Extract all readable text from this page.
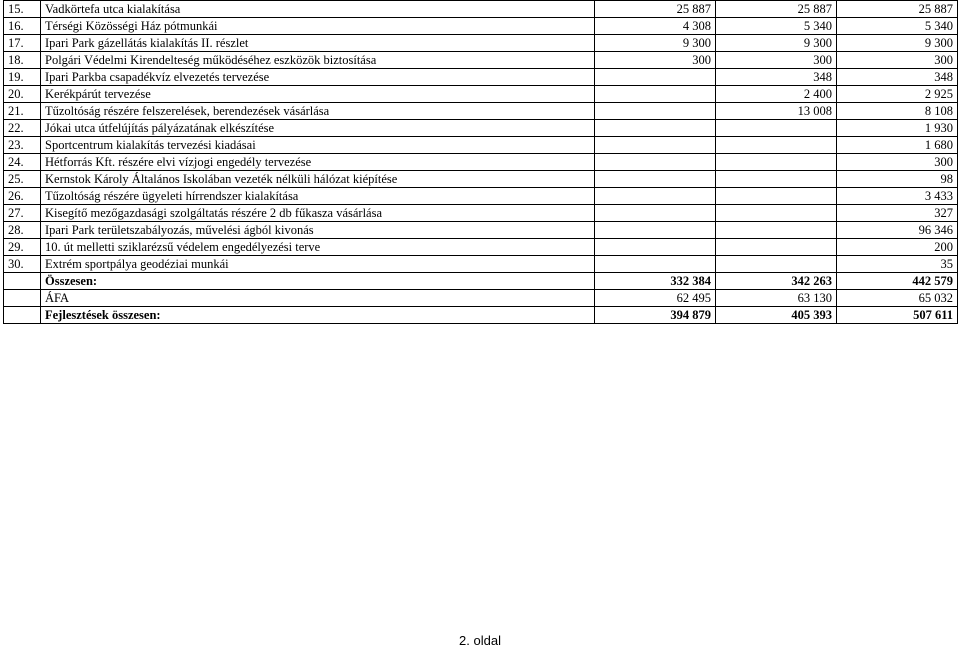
15.	Vadkörtefa utca kialakítása	25 887	25 887	25 887
16.	Térségi Közösségi Ház pótmunkái	4 308	5 340	5 340
17.	Ipari Park gázellátás kialakítás II. részlet	9 300	9 300	9 300
18.	Polgári Védelmi Kirendelteség működéséhez eszközök biztosítása	300	300	300
19.	Ipari Parkba csapadékvíz elvezetés tervezése		348	348
20.	Kerékpárút tervezése		2 400	2 925
21.	Tűzoltóság részére felszerelések, berendezések vásárlása		13 008	8 108
22.	Jókai utca útfelújítás pályázatának elkészítése			1 930
23.	Sportcentrum kialakítás tervezési kiadásai			1 680
24.	Hétforrás Kft. részére elvi vízjogi engedély tervezése			300
25.	Kernstok Károly Általános Iskolában vezeték nélküli hálózat kiépítése			98
26.	Tűzoltóság részére ügyeleti hírrendszer kialakítása			3 433
27.	Kisegítő mezőgazdasági szolgáltatás részére 2 db fűkasza vásárlása			327
28.	Ipari Park területszabályozás, művelési ágból kivonás			96 346
29.	10. út melletti sziklarézsű védelem engedélyezési terve			200
30.	Extrém sportpálya geodéziai munkái			35
	Összesen:	332 384	342 263	442 579
	ÁFA	62 495	63 130	65 032
	Fejlesztések összesen:	394 879	405 393	507 611
2. oldal
